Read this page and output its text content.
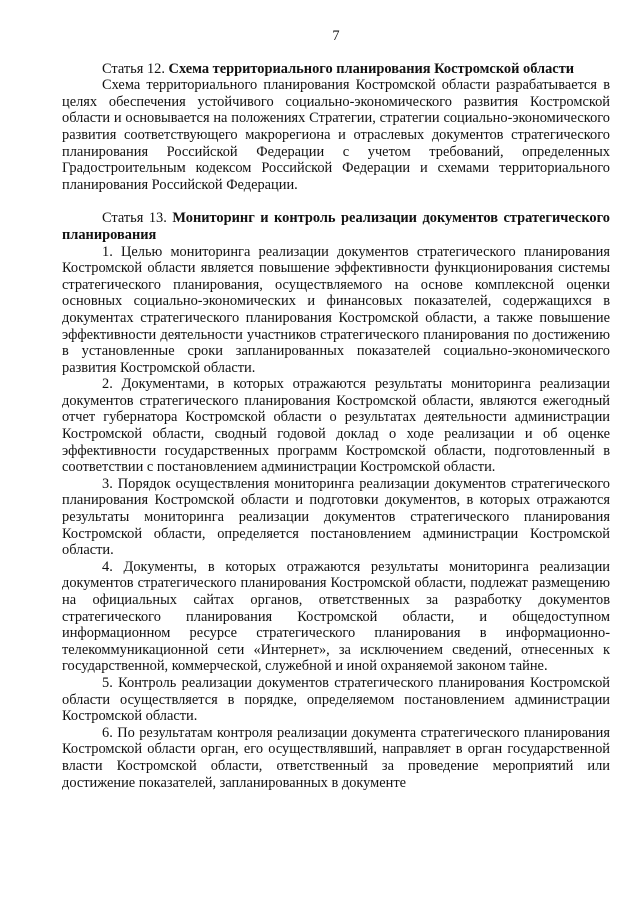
7

Статья 12. Схема территориального планирования Костромской области

Схема территориального планирования Костромской области разрабатывается в целях обеспечения устойчивого социально-экономического развития Костромской области и основывается на положениях Стратегии, стратегии социально-экономического развития соответствующего макрорегиона и отраслевых документов стратегического планирования Российской Федерации с учетом требований, определенных Градостроительным кодексом Российской Федерации и схемами территориального планирования Российской Федерации.

Статья 13. Мониторинг и контроль реализации документов стратегического планирования

1. Целью мониторинга реализации документов стратегического планирования Костромской области является повышение эффективности функционирования системы стратегического планирования, осуществляемого на основе комплексной оценки основных социально-экономических и финансовых показателей, содержащихся в документах стратегического планирования Костромской области, а также повышение эффективности деятельности участников стратегического планирования по достижению в установленные сроки запланированных показателей социально-экономического развития Костромской области.

2. Документами, в которых отражаются результаты мониторинга реализации документов стратегического планирования Костромской области, являются ежегодный отчет губернатора Костромской области о результатах деятельности администрации Костромской области, сводный годовой доклад о ходе реализации и об оценке эффективности государственных программ Костромской области, подготовленный в соответствии с постановлением администрации Костромской области.

3. Порядок осуществления мониторинга реализации документов стратегического планирования Костромской области и подготовки документов, в которых отражаются результаты мониторинга реализации документов стратегического планирования Костромской области, определяется постановлением администрации Костромской области.

4. Документы, в которых отражаются результаты мониторинга реализации документов стратегического планирования Костромской области, подлежат размещению на официальных сайтах органов, ответственных за разработку документов стратегического планирования Костромской области, и общедоступном информационном ресурсе стратегического планирования в информационно-телекоммуникационной сети «Интернет», за исключением сведений, отнесенных к государственной, коммерческой, служебной и иной охраняемой законом тайне.

5. Контроль реализации документов стратегического планирования Костромской области осуществляется в порядке, определяемом постановлением администрации Костромской области.

6. По результатам контроля реализации документа стратегического планирования Костромской области орган, его осуществлявший, направляет в орган государственной власти Костромской области, ответственный за проведение мероприятий или достижение показателей, запланированных в документе
